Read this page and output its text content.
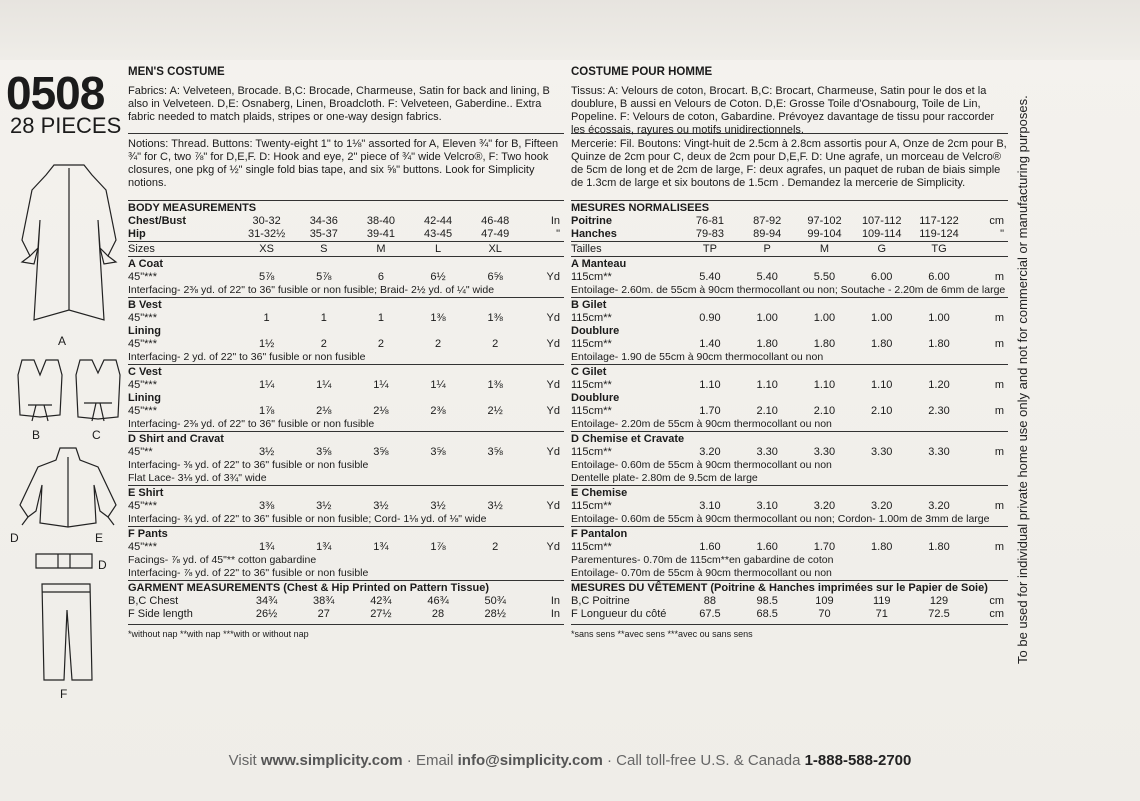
0508
28 PIECES
A
B	C
D	E
D
F

MEN'S COSTUME

Fabrics: A: Velveteen, Brocade. B,C: Brocade, Charmeuse, Satin for back and lining, B also in Velveteen. D,E: Osnaberg, Linen, Broadcloth. F: Velveteen, Gaberdine.. Extra fabric needed to match plaids, stripes or one-way design fabrics.

Notions: Thread. Buttons: Twenty-eight 1" to 1⅛" assorted for A, Eleven ¾" for B, Fifteen ¾" for C, two ⅞" for D,E,F. D: Hook and eye, 2" piece of ¾" wide Velcro®, F: Two hook closures, one pkg of ½" single fold bias tape, and six ⅝" buttons. Look for Simplicity notions.

BODY MEASUREMENTS						
Chest/Bust	30-32	34-36	38-40	42-44	46-48	In
Hip	31-32½	35-37	39-41	43-45	47-49	"
Sizes	XS	S	M	L	XL	
A Coat						
45"***	5⅞	5⅞	6	6½	6⅝	Yd
Interfacing- 2⅜ yd. of 22" to 36" fusible or non fusible; Braid- 2½ yd. of ¼" wide						
B Vest						
45"***	1	1	1	1⅜	1⅜	Yd
Lining						
45"***	1½	2	2	2	2	Yd
Interfacing- 2 yd. of 22" to 36" fusible or non fusible						
C Vest						
45"***	1¼	1¼	1¼	1¼	1⅜	Yd
Lining						
45"***	1⅞	2⅛	2⅛	2⅜	2½	Yd
Interfacing- 2⅜ yd. of 22" to 36" fusible or non fusible						
D Shirt and Cravat						
45"**	3½	3⅝	3⅝	3⅝	3⅝	Yd
Interfacing- ⅜ yd. of 22" to 36" fusible or non fusible						
Flat Lace- 3⅛ yd. of 3¾" wide						
E Shirt						
45"***	3⅜	3½	3½	3½	3½	Yd
Interfacing- ¾ yd. of 22" to 36" fusible or non fusible; Cord- 1⅛ yd. of ⅛" wide						
F Pants						
45"***	1¾	1¾	1¾	1⅞	2	Yd
Facings- ⅞ yd. of 45"** cotton gabardine						
Interfacing- ⅞ yd. of 22" to 36" fusible or non fusible						
GARMENT MEASUREMENTS (Chest & Hip Printed on Pattern Tissue)						
B,C Chest	34¾	38¾	42¾	46¾	50¾	In
F Side length	26½	27	27½	28	28½	In

*without nap **with nap ***with or without nap

COSTUME POUR HOMME

Tissus: A: Velours de coton, Brocart. B,C: Brocart, Charmeuse, Satin pour le dos et la doublure, B aussi en Velours de Coton. D,E: Grosse Toile d'Osnabourg, Toile de Lin, Popeline. F: Velours de coton, Gabardine. Prévoyez davantage de tissu pour raccorder les écossais, rayures ou motifs unidirectionnels.

Mercerie: Fil. Boutons: Vingt-huit de 2.5cm à 2.8cm assortis pour A, Onze de 2cm pour B, Quinze de 2cm pour C, deux de 2cm pour D,E,F. D: Une agrafe, un morceau de Velcro® de 5cm de long et de 2cm de large, F: deux agrafes, un paquet de ruban de biais simple de 1.3cm de large et six boutons de 1.5cm . Demandez la mercerie de Simplicity.

MESURES NORMALISEES						
Poitrine	76-81	87-92	97-102	107-112	117-122	cm
Hanches	79-83	89-94	99-104	109-114	119-124	"
Tailles	TP	P	M	G	TG	
A Manteau						
115cm**	5.40	5.40	5.50	6.00	6.00	m
Entoilage- 2.60m. de 55cm à 90cm thermocollant ou non; Soutache - 2.20m de 6mm de large						
B Gilet						
115cm**	0.90	1.00	1.00	1.00	1.00	m
Doublure						
115cm**	1.40	1.80	1.80	1.80	1.80	m
Entoilage- 1.90 de 55cm à 90cm thermocollant ou non						
C Gilet						
115cm**	1.10	1.10	1.10	1.10	1.20	m
Doublure						
115cm**	1.70	2.10	2.10	2.10	2.30	m
Entoilage- 2.20m de 55cm à 90cm thermocollant ou non						
D Chemise et Cravate						
115cm**	3.20	3.30	3.30	3.30	3.30	m
Entoilage- 0.60m de 55cm à 90cm thermocollant ou non						
Dentelle plate- 2.80m de 9.5cm de large						
E Chemise						
115cm**	3.10	3.10	3.20	3.20	3.20	m
Entoilage- 0.60m de 55cm à 90cm thermocollant ou non; Cordon- 1.00m de 3mm de large						
F Pantalon						
115cm**	1.60	1.60	1.70	1.80	1.80	m
Parementures- 0.70m de 115cm**en gabardine de coton						
Entoilage- 0.70m de 55cm à 90cm thermocollant ou non						
MESURES DU VÊTEMENT (Poitrine & Hanches imprimées sur le Papier de Soie)						
B,C Poitrine	88	98.5	109	119	129	cm
F Longueur du côté	67.5	68.5	70	71	72.5	cm

*sans sens **avec sens ***avec ou sans sens	To be used for individual private home use only and not for commercial or manufacturing purposes.
Visit www.simplicity.com · Email info@simplicity.com · Call toll-free U.S. & Canada 1-888-588-2700
